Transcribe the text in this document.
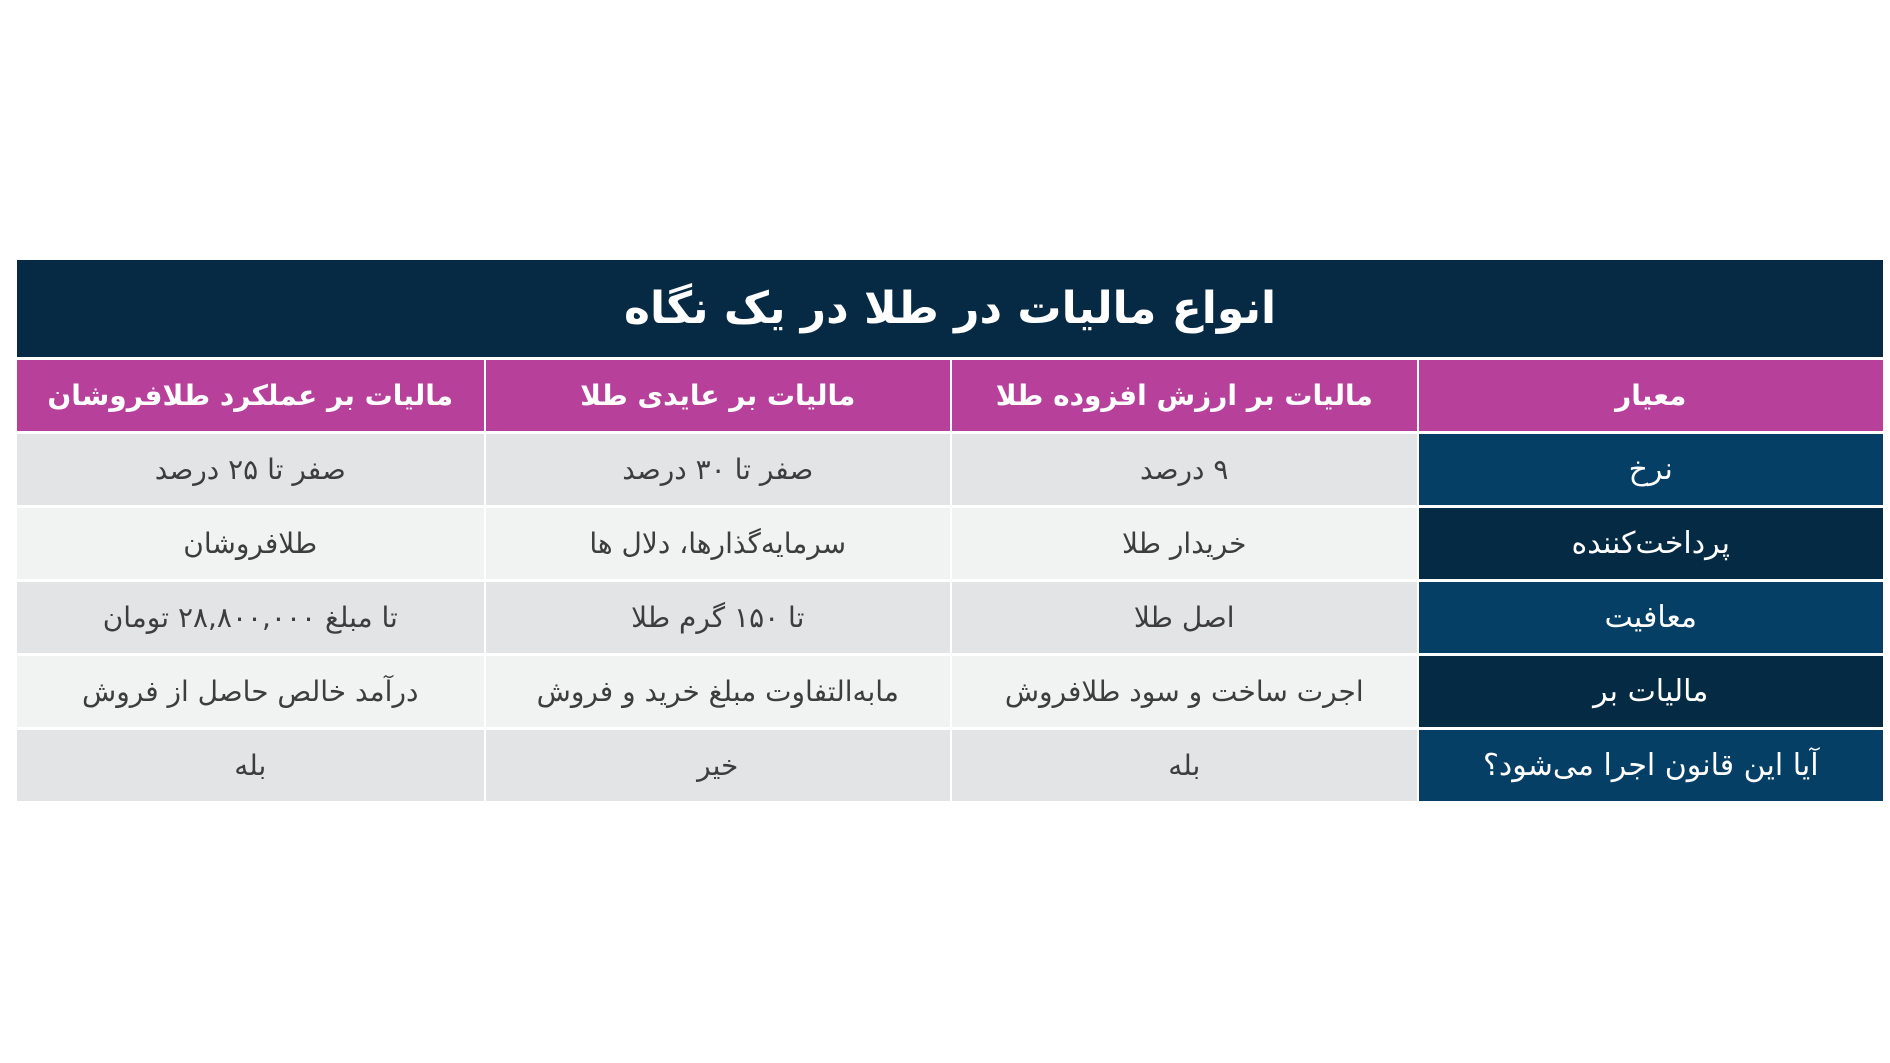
انواع مالیات در طلا در یک نگاه
معیار	مالیات بر ارزش افزوده طلا	مالیات بر عایدی طلا	مالیات بر عملکرد طلافروشان
نرخ	۹ درصد	صفر تا ۳۰ درصد	صفر تا ۲۵ درصد
پرداخت‌کننده	خریدار طلا	سرمایه‌گذارها، دلال ها	طلافروشان
معافیت	اصل طلا	تا ۱۵۰ گرم طلا	تا مبلغ ۲۸,۸۰۰,۰۰۰ تومان
مالیات بر	اجرت ساخت و سود طلافروش	مابه‌التفاوت مبلغ خرید و فروش	درآمد خالص حاصل از فروش
آیا این قانون اجرا می‌شود؟	بله	خیر	بله
